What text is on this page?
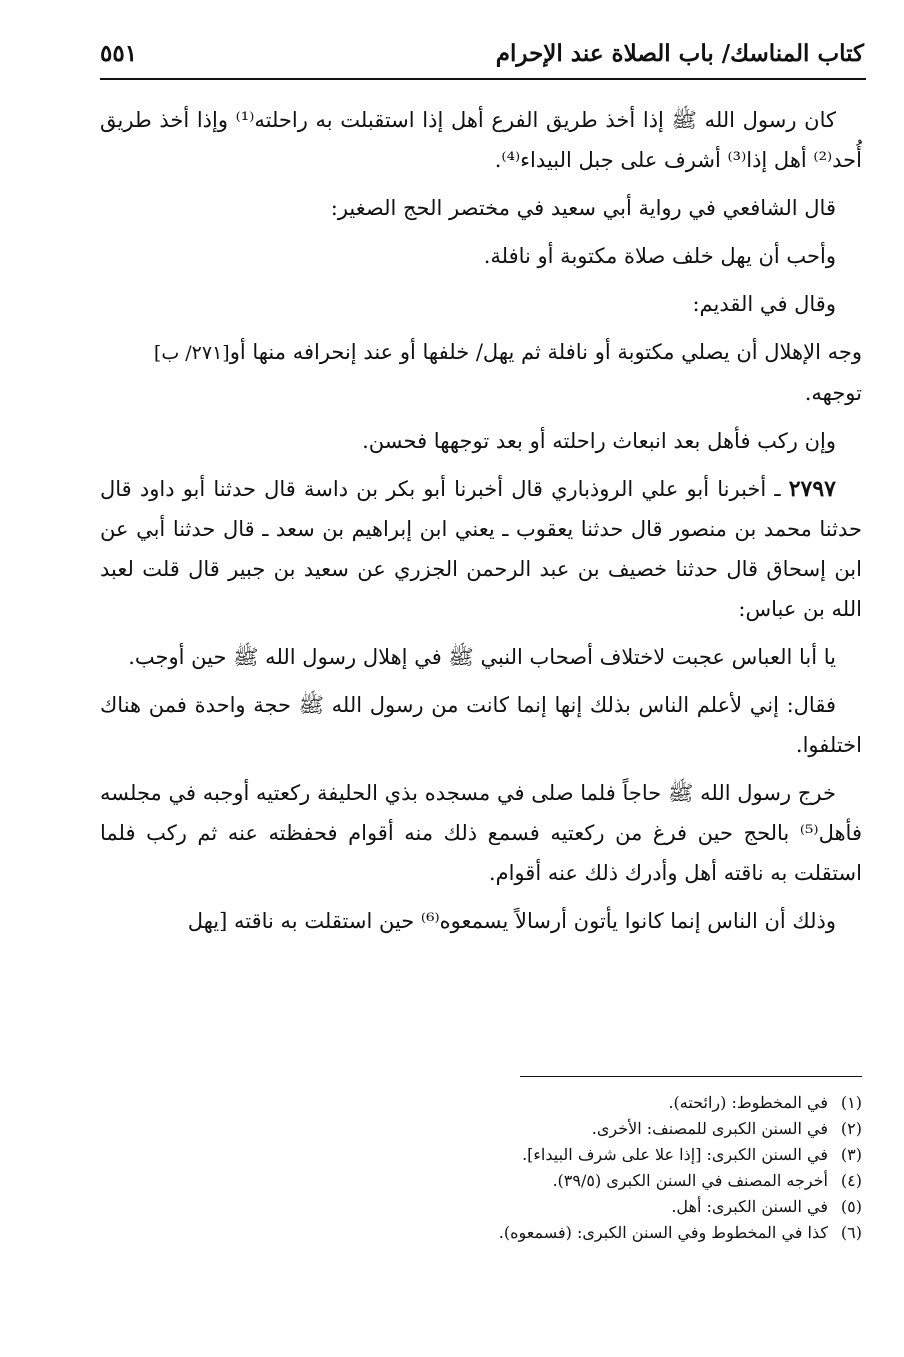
كتاب المناسك/ باب الصلاة عند الإحرام
٥٥١

كان رسول الله ﷺ إذا أخذ طريق الفرع أهل إذا استقبلت به راحلته⁽¹⁾ وإذا أخذ طريق أُحد⁽²⁾ أهل إذا⁽³⁾ أشرف على جبل البيداء⁽⁴⁾.

قال الشافعي في رواية أبي سعيد في مختصر الحج الصغير:

وأحب أن يهل خلف صلاة مكتوبة أو نافلة.

وقال في القديم:

وجه الإهلال أن يصلي مكتوبة أو نافلة ثم يهل/ خلفها أو عند إنحرافه منها أو[٢٧١/ ب]
توجهه.

وإن ركب فأهل بعد انبعاث راحلته أو بعد توجهها فحسن.

٢٧٩٧ ـ أخبرنا أبو علي الروذباري قال أخبرنا أبو بكر بن داسة قال حدثنا أبو داود قال حدثنا محمد بن منصور قال حدثنا يعقوب ـ يعني ابن إبراهيم بن سعد ـ قال حدثنا أبي عن ابن إسحاق قال حدثنا خصيف بن عبد الرحمن الجزري عن سعيد بن جبير قال قلت لعبد الله بن عباس:

يا أبا العباس عجبت لاختلاف أصحاب النبي ﷺ في إهلال رسول الله ﷺ حين أوجب.

فقال: إني لأعلم الناس بذلك إنها إنما كانت من رسول الله ﷺ حجة واحدة فمن هناك اختلفوا.

خرج رسول الله ﷺ حاجاً فلما صلى في مسجده بذي الحليفة ركعتيه أوجبه في مجلسه فأهل⁽⁵⁾ بالحج حين فرغ من ركعتيه فسمع ذلك منه أقوام فحفظته عنه ثم ركب فلما استقلت به ناقته أهل وأدرك ذلك عنه أقوام.

وذلك أن الناس إنما كانوا يأتون أرسالاً يسمعوه⁽⁶⁾ حين استقلت به ناقته [يهل

(١)في المخطوط: (رائحته).
(٢)في السنن الكبرى للمصنف: الأخرى.
(٣)في السنن الكبرى: [إذا علا على شرف البيداء].
(٤)أخرجه المصنف في السنن الكبرى (٣٩/٥).
(٥)في السنن الكبرى: أهل.
(٦)كذا في المخطوط وفي السنن الكبرى: (فسمعوه).
